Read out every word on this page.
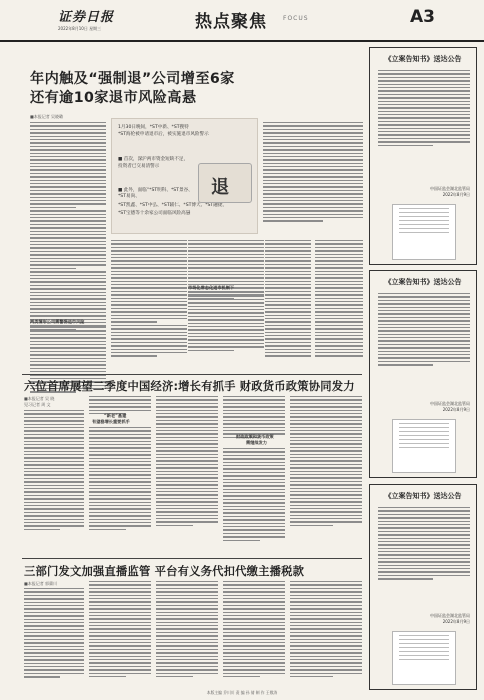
证券日报
2022年8月10日 星期三	热点聚焦	FOCUS	A3
年内触及“强制退”公司增至6家
还有逾10家退市风险高悬
■本报记者 吴晓璐
两类情形公司需警惕退市风险
1月30日晚间，*ST中新、*ST搜特
*ST海伦被申请退市后，被实施退市风险警示
■ 首次，深沪两市资金短缺不足，
投资者已交易清警示
■ 此外，面临“*ST明科、*ST景谷、*ST易尚、
*ST凯鑫、*ST中弘、*ST辅仁、*ST博天、*ST融捷、
*ST宝德等十余家公司面临风险高悬
退
市场化常态化退市机制下
六位首席展望二季度中国经济:增长有抓手 财政货币政策协同发力
■本报记者 吴 晓
见习记者 周 文
“新老”基建
有望稳增长重要抓手
财政政策和货币政策
需继续发力
三部门发文加强直播监管 平台有义务代扣代缴主播税款
■本报记者 郭冀川
《立案告知书》送达公告
中国证监会湖北监管局
2022年8月9日
《立案告知书》送达公告
中国证监会湖北监管局
2022年8月9日
《立案告知书》送达公告
中国证监会湖北监管局
2022年8月9日
本版主编 乔川川 责 编 孙 倩 制 作 王敬涛
